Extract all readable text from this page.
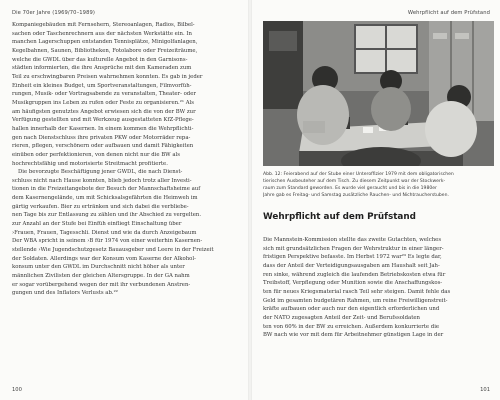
Die 70er Jahre (1969/70–1989)

Kompaniegebäuden mit Fernsehern, Stereoanlagen, Radios, Bilbel-

sachen oder Taschenrechnern aus der nächsten Werkstätte ein. In

manchen Lagerschuppen entstanden Tennisplätze, Minigolfanlagen,

Kegelbahnen, Saunen, Bibliotheken, Fotolabore oder Freizeiträume,

welche die GWDL über das kulturelle Angebot in den Garnisons-

städten informierten, die ihre Ansprüche mit den Kameraden zum

Teil zu erschwingbaren Preisen wahrnehmen konnten. Es gab in jeder

Einheit ein kleines Budget, um Sportveranstaltungen, Filmvorfüh-

rungen, Musik- oder Vortragsabende zu veranstalten, Theater- oder

Musikgruppen ins Leben zu rufen oder Feste zu organisieren.²¹ Als

am häufigsten genutztes Angebot erwiesen sich die von der BW zur

Verfügung gestellten und mit Werkzeug ausgestatteten KfZ-Pflege-

hallen innerhalb der Kasernen. In einem kommen die Wehrpflichti-

gen nach Dienstschluss ihre privaten PKW oder Motorräder repa-

rieren, pflegen, verschönern oder aufbauen und damit Fähigkeiten

einüben oder perfektionieren, von denen nicht nur die BW als

hochrechtsfähig und motorisierte Streitmacht profitierte.

Die bevorzugte Beschäftigung jener GWDL, die nach Dienst-

schluss nicht nach Hause konnten, blieb jedoch trotz aller Investi-

tionen in die Freizeitangebote der Besuch der Mannschaftsheime auf

dem Kasernengelände, um mit Schicksalsgefährten die Heimweh im

gärtig verkaufen. Bier zu ertränken und sich dabei die verbliebe-

nen Tage bis zur Entlassung zu zählen und ihr Abschied zu vergelten.

zur Anzahl an der Stufe bei Einfüh einfliegt Einschaltung über

›Frauen, Frauen, Tagesschli. Dienst und wie da durch Anzeigebaum

Der WBA spricht in seinem ›B für 1974 von einer weiterhin Kasernen-

stellende ›Wie Jugendschutzgesetz Bauausgeber und Leere in der Freizeit

der Soldaten. Allerdings war der Konsum vom Kaserne der Alkohol-

konsum unter den GWDL im Durchschnitt nicht höher als unter

männlichen Zivilisten der gleichen Altersgruppe. In der GA nahm

er sogar vorübergehend wegen der mit ihr verbundenen Anstren-

gungen und des Inflators Verlusts ab.²²

100
Wehrpflicht auf dem Prüfstand
Abb. 12: Feierabend auf der Stube einer Unteroffizier 1979 mit dem obligatorischen
tierischen Ausbeuteher auf dem Tisch. Zu diesem Zeitpunkt war der Stockwerk-
raum zum Standard geworden. Es wurde viel geraucht und bis in die 1980er
Jahre gab es Freitag- und Samstag zusätzliche Rauchen- und Nichtraucherstuben.
Wehrpflicht auf dem Prüfstand

Die Mannstein-Kommission stellte das zweite Gutachten, welches

sich mit grundsätzlichen Fragen der Wehrstruktur in einer länger-

fristigen Perspektive befasste. Im Herbst 1972 war²³ Es legte dar,

dass der Anteil der Verteidigungsausgaben am Haushalt seit Jah-

ren sinke, während zugleich die laufenden Betriebskosten etwa für

Treibstoff, Verpflegung oder Munition sowie die Anschaffungskos-

ten für neues Kriegsmaterial rasch Teil sehr steigen. Damit fehle das

Geld im gesamten budgetären Rahmen, um reine Freiwilligenstreit-

kräfte aufbauen oder auch nur den eigentlich erforderlichen und

der NATO zugesagten Anteil der Zeit- und Berufssoldaten

ten von 60% in der BW zu erreichen. Außerdem konkurrierte die

BW nach wie vor mit dem für Arbeitnehmer günstigen Lage in der

101
